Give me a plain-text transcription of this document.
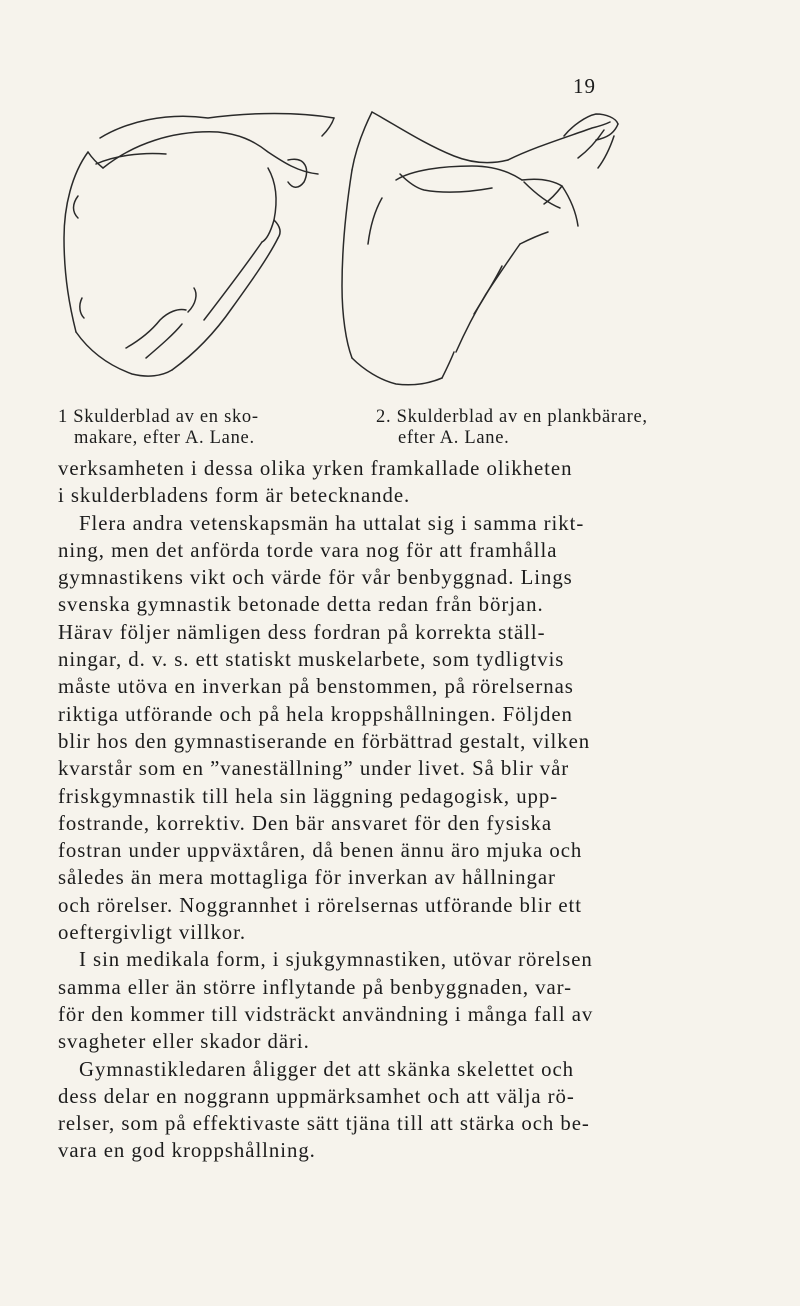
19
1 Skulderblad av en sko-
makare, efter A. Lane.
2. Skulderblad av en plankbärare,
efter A. Lane.
verksamheten i dessa olika yrken framkallade olikheten
i skulderbladens form är betecknande.
Flera andra vetenskapsmän ha uttalat sig i samma rikt-
ning, men det anförda torde vara nog för att framhålla
gymnastikens vikt och värde för vår benbyggnad. Lings
svenska gymnastik betonade detta redan från början.
Härav följer nämligen dess fordran på korrekta ställ-
ningar, d. v. s. ett statiskt muskelarbete, som tydligtvis
måste utöva en inverkan på benstommen, på rörelsernas
riktiga utförande och på hela kroppshållningen. Följden
blir hos den gymnastiserande en förbättrad gestalt, vilken
kvarstår som en ”vaneställning” under livet. Så blir vår
friskgymnastik till hela sin läggning pedagogisk, upp-
fostrande, korrektiv. Den bär ansvaret för den fysiska
fostran under uppväxtåren, då benen ännu äro mjuka och
således än mera mottagliga för inverkan av hållningar
och rörelser. Noggrannhet i rörelsernas utförande blir ett
oeftergivligt villkor.
I sin medikala form, i sjukgymnastiken, utövar rörelsen
samma eller än större inflytande på benbyggnaden, var-
för den kommer till vidsträckt användning i många fall av
svagheter eller skador däri.
Gymnastikledaren åligger det att skänka skelettet och
dess delar en noggrann uppmärksamhet och att välja rö-
relser, som på effektivaste sätt tjäna till att stärka och be-
vara en god kroppshållning.
